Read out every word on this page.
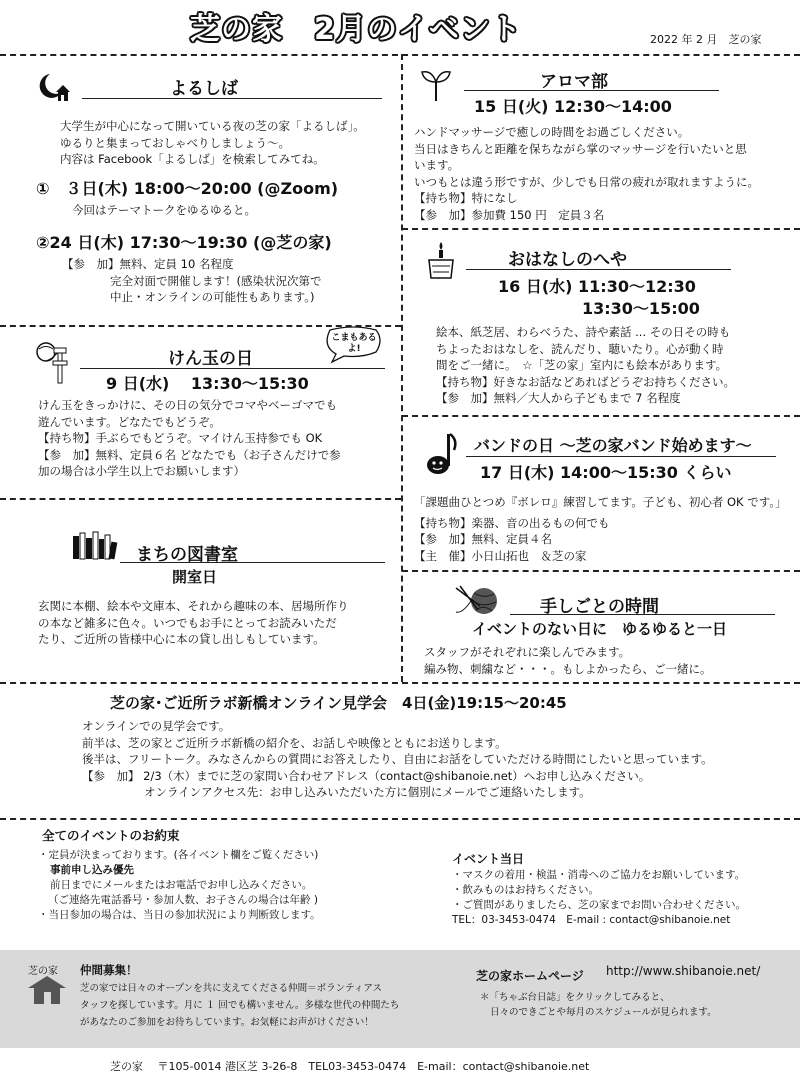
芝の家　2月のイベント	2022 年 2 月　芝の家
よるしば
大学生が中心になって開いている夜の芝の家「よるしば」。
ゆるりと集まっておしゃべりしましょう〜。
内容は Facebook「よるしば」を検索してみてね。
①　３日(木) 18:00〜20:00 (@Zoom)
今回はテーマトークをゆるゆると。
②24 日(木) 17:30〜19:30 (@芝の家)
【参　加】無料、定員 10 名程度
完全対面で開催します！(感染状況次第で
中止・オンラインの可能性もあります。)
けん玉の日
こまもあるよ!
9 日(水)　 13:30〜15:30
けん玉をきっかけに、その日の気分でコマやベーゴマでも
遊んでいます。どなたでもどうぞ。
【持ち物】手ぶらでもどうぞ。マイけん玉持参でも OK
【参　加】無料、定員６名 どなたでも（お子さんだけで参
加の場合は小学生以上でお願いします）
まちの図書室
開室日
玄関に本棚、絵本や文庫本、それから趣味の本、居場所作り
の本など雑多に色々。いつでもお手にとってお読みいただ
たり、ご近所の皆様中心に本の貸し出しもしています。
アロマ部
15 日(火) 12:30〜14:00
ハンドマッサージで癒しの時間をお過ごしください。
当日はきちんと距離を保ちながら掌のマッサージを行いたいと思
います。
いつもとは違う形ですが、少しでも日常の疲れが取れますように。
【持ち物】特になし
【参　加】参加費 150 円　定員３名
おはなしのへや
16 日(水) 11:30〜12:30
13:30〜15:00
絵本、紙芝居、わらべうた、詩や素話 ... その日その時も
ちよったおはなしを、読んだり、聴いたり。心が動く時
間をご一緒に。　☆「芝の家」室内にも絵本があります。
【持ち物】好きなお話などあればどうぞお持ちください。
【参　加】無料／大人から子どもまで 7 名程度
バンドの日 〜芝の家バンド始めます〜
17 日(木) 14:00〜15:30 くらい
「課題曲ひとつめ『ボレロ』練習してます。子ども、初心者 OK です。」
【持ち物】楽器、音の出るもの何でも
【参　加】無料、定員４名
【主　催】小日山拓也　＆芝の家
手しごとの時間
イベントのない日に　ゆるゆると一日
スタッフがそれぞれに楽しんでみます。
編み物、刺繍など・・・。もしよかったら、ご一緒に。
芝の家･ご近所ラボ新橋オンライン見学会　4日(金)19:15〜20:45
オンラインでの見学会です。
前半は、芝の家とご近所ラボ新橋の紹介を、お話しや映像とともにお送りします。
後半は、フリートーク。みなさんからの質問にお答えしたり、自由にお話をしていただける時間にしたいと思っています。
【参　加】 2/3（木）までに芝の家問い合わせアドレス（contact@shibanoie.net）へお申し込みください。
オンラインアクセス先：お申し込みいただいた方に個別にメールでご連絡いたします。
全てのイベントのお約束
・定員が決まっております。(各イベント欄をご覧ください)
事前申し込み優先
前日までにメールまたはお電話でお申し込みください。
（ご連絡先電話番号・参加人数、お子さんの場合は年齢 )
・当日参加の場合は、当日の参加状況により判断致します。
イベント当日
・マスクの着用・検温・消毒へのご協力をお願いしています。
・飲みものはお持ちください。
・ご質問がありましたら、芝の家までお問い合わせください。
TEL：03-3453-0474　E-mail : contact@shibanoie.net
芝の家 仲間募集！
芝の家では日々のオープンを共に支えてくださる仲間＝ボランティアス
タッフを探しています。月に １ 回でも構いません。多様な世代の仲間たち
があなたのご参加をお待ちしています。お気軽にお声がけください！
芝の家ホームページ http://www.shibanoie.net/
＊「ちゃぶ台日誌」をクリックしてみると、
日々のできごとや毎月のスケジュールが見られます。
芝の家　 〒105-0014 港区芝 3-26-8　TEL03-3453-0474　E-mail：contact@shibanoie.net
